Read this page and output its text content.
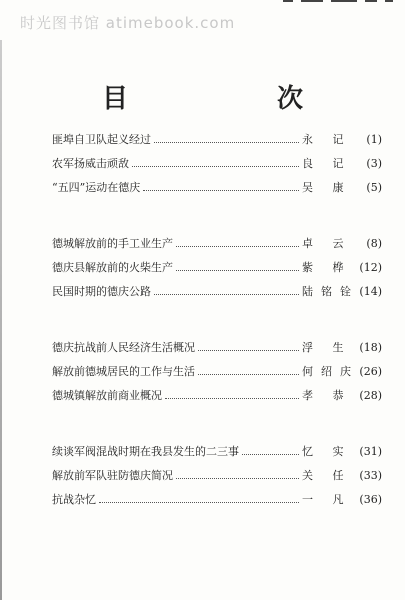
时光图书馆 atimebook.com
目 次
匪埠自卫队起义经过	永 记	(1)
农军扬威击顽敌	良 记	(3)
“五四”运动在德庆	吴 康	(5)
德城解放前的手工业生产	卓 云	(8)
德庆县解放前的火柴生产	紫 桦 (12)
民国时期的德庆公路	陆铭铨 (14)
德庆抗战前人民经济生活概况	浮 生 (18)
解放前德城居民的工作与生活	何绍庆 (26)
德城镇解放前商业概况	孝 恭 (28)
续谈军阀混战时期在我县发生的二三事	忆 实 (31)
解放前军队驻防德庆简况	关 任 (33)
抗战杂忆	一 凡 (36)
